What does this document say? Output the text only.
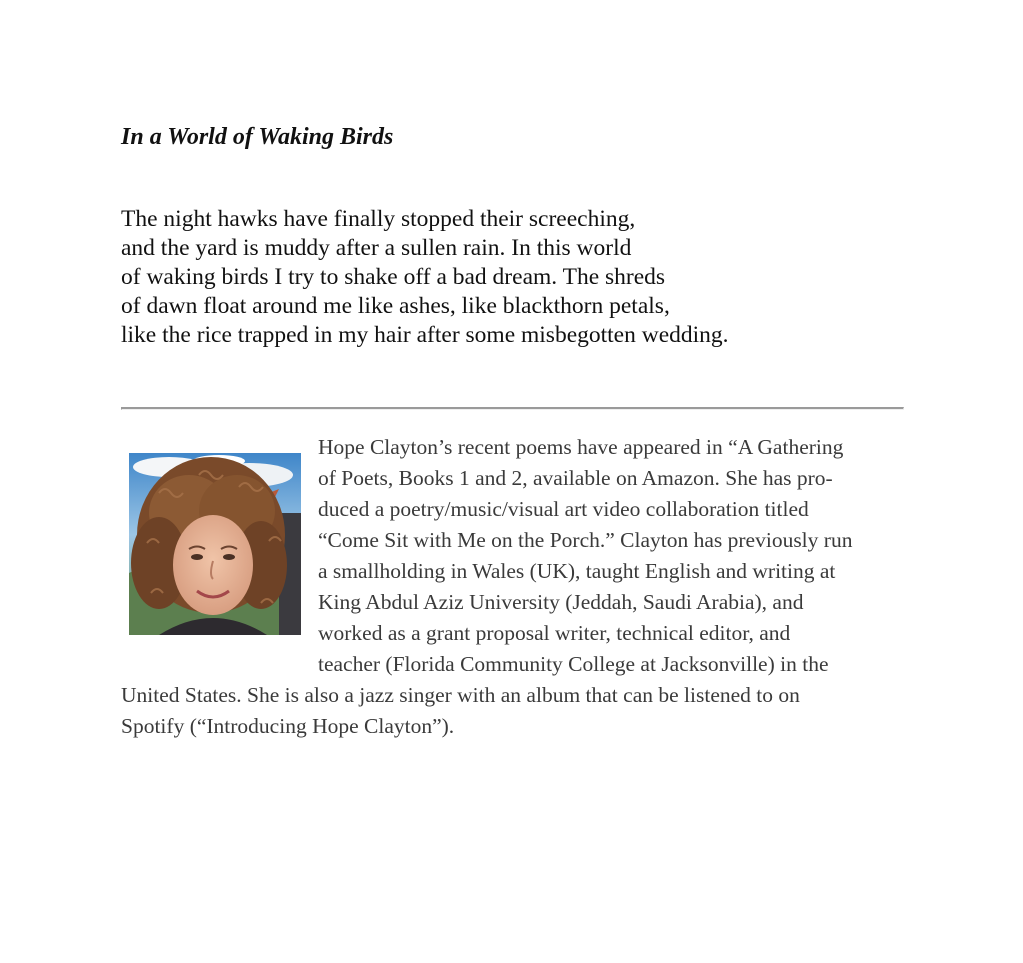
In a World of Waking Birds
The night hawks have finally stopped their screeching,
and the yard is muddy after a sullen rain. In this world
of waking birds I try to shake off a bad dream. The shreds
of dawn float around me like ashes, like blackthorn petals,
like the rice trapped in my hair after some misbegotten wedding.
Hope Clayton’s recent poems have appeared in “A Gathering
of Poets, Books 1 and 2, available on Amazon. She has pro-
duced a poetry/music/visual art video collaboration titled
“Come Sit with Me on the Porch.” Clayton has previously run
a smallholding in Wales (UK), taught English and writing at
King Abdul Aziz University (Jeddah, Saudi Arabia), and
worked as a grant proposal writer, technical editor, and
teacher (Florida Community College at Jacksonville) in the
United States. She is also a jazz singer with an album that can be listened to on
Spotify (“Introducing Hope Clayton”).
